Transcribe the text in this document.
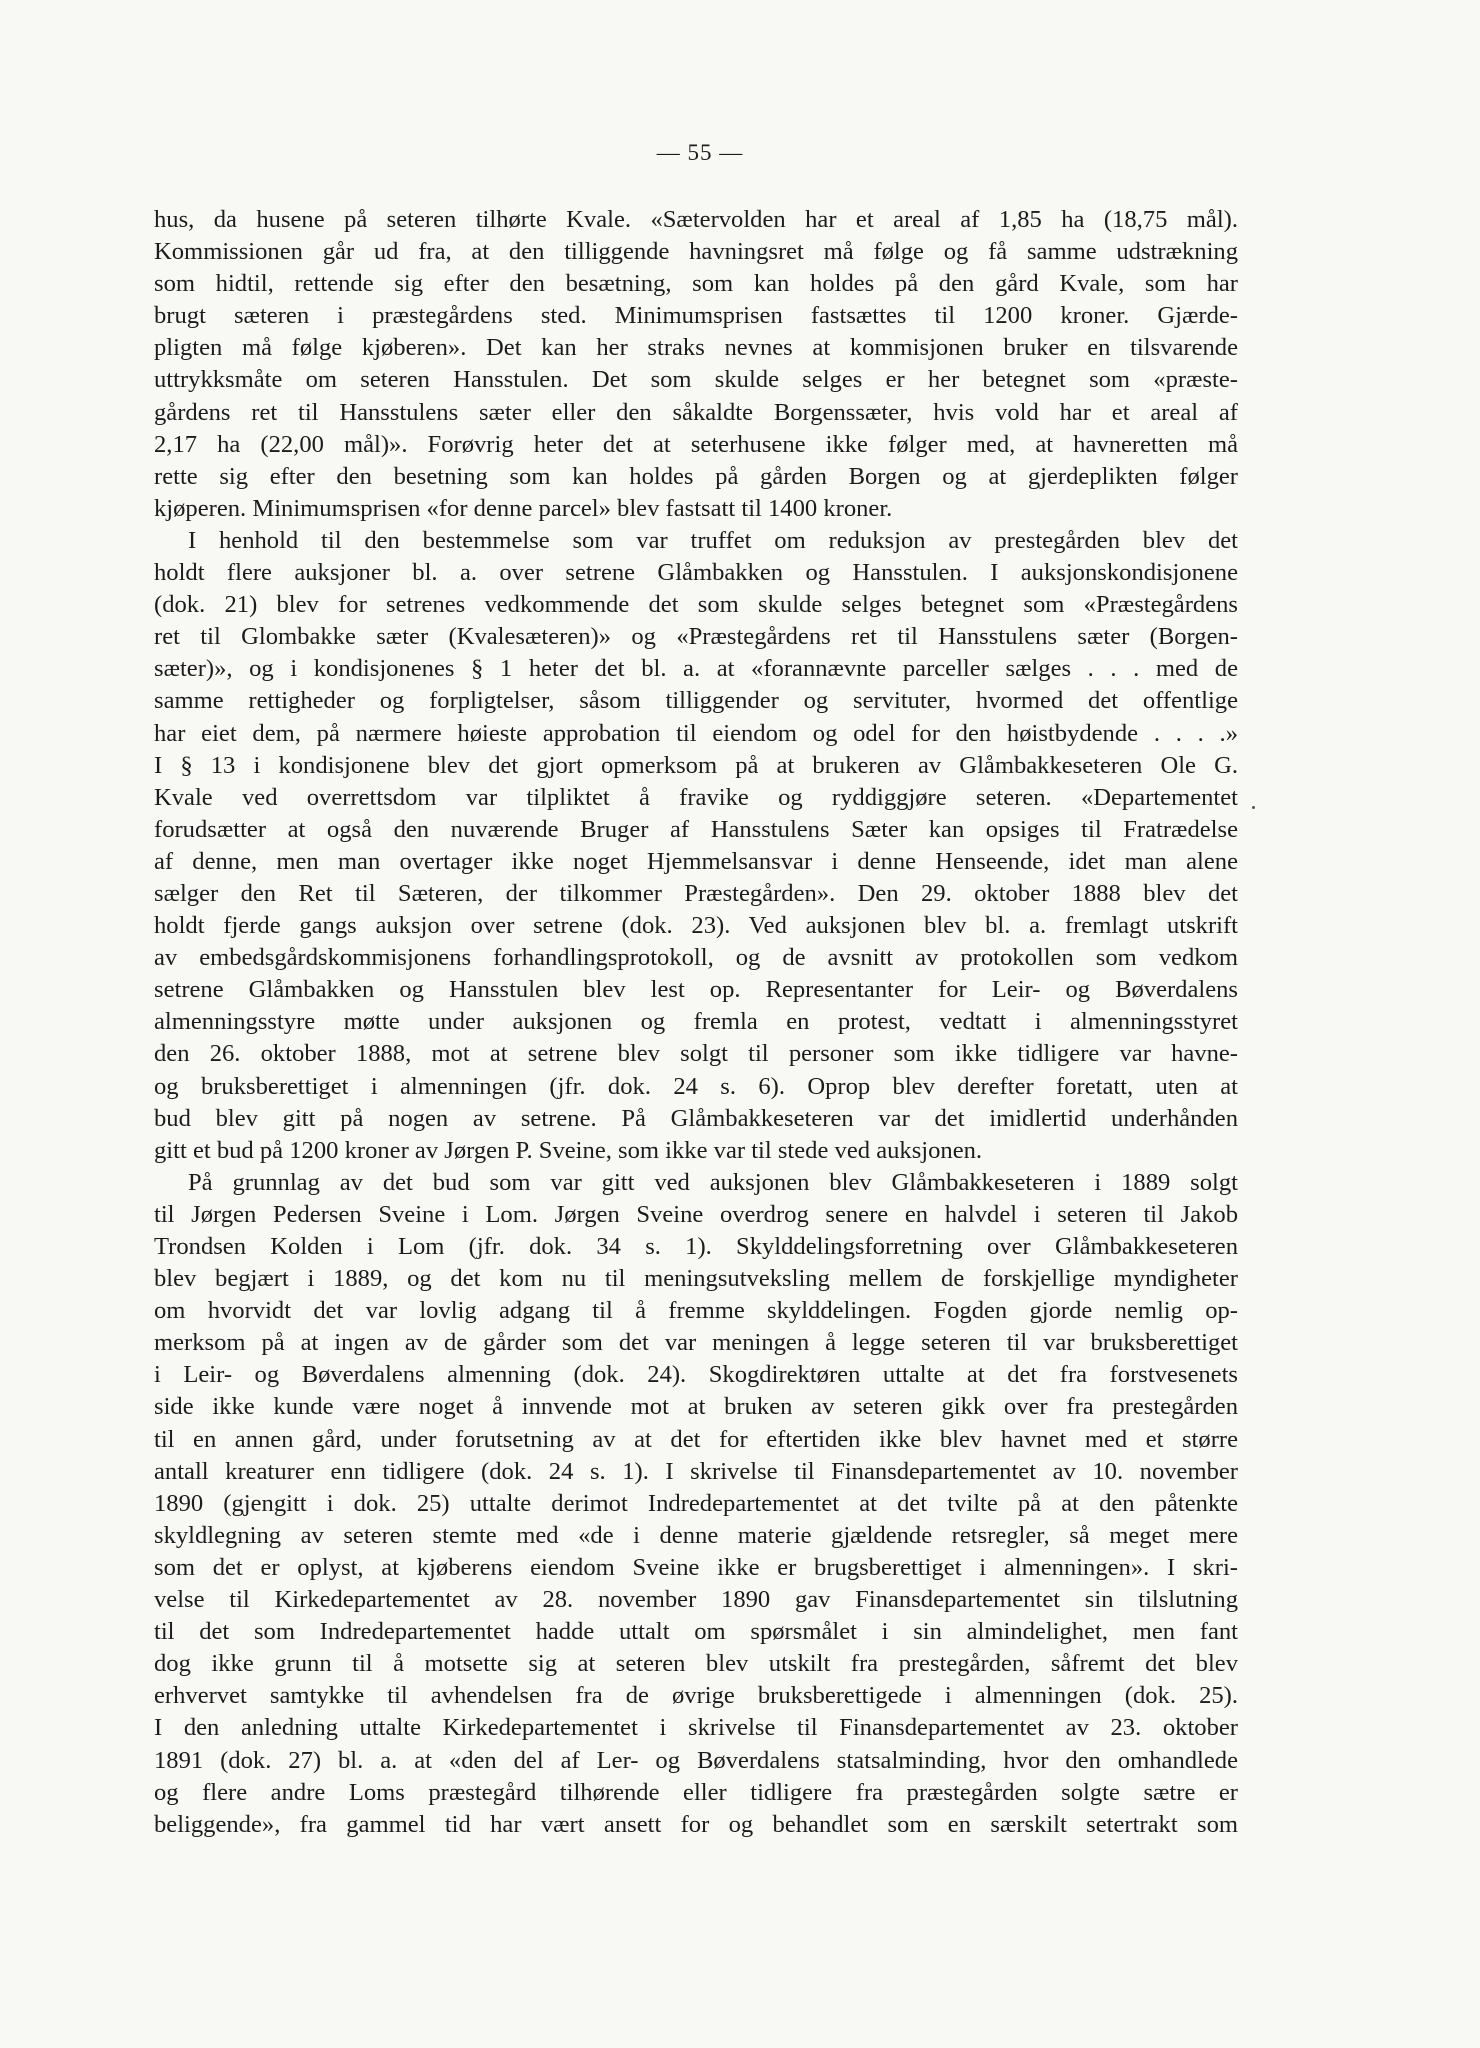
— 55 —
hus, da husene på seteren tilhørte Kvale. «Sætervolden har et areal af 1,85 ha (18,75 mål).
Kommissionen går ud fra, at den tilliggende havningsret må følge og få samme udstrækning
som hidtil, rettende sig efter den besætning, som kan holdes på den gård Kvale, som har
brugt sæteren i præstegårdens sted. Minimumsprisen fastsættes til 1200 kroner. Gjærde-
pligten må følge kjøberen». Det kan her straks nevnes at kommisjonen bruker en tilsvarende
uttrykksmåte om seteren Hansstulen. Det som skulde selges er her betegnet som «præste-
gårdens ret til Hansstulens sæter eller den såkaldte Borgenssæter, hvis vold har et areal af
2,17 ha (22,00 mål)». Forøvrig heter det at seterhusene ikke følger med, at havneretten må
rette sig efter den besetning som kan holdes på gården Borgen og at gjerdeplikten følger
kjøperen. Minimumsprisen «for denne parcel» blev fastsatt til 1400 kroner.
I henhold til den bestemmelse som var truffet om reduksjon av prestegården blev det
holdt flere auksjoner bl. a. over setrene Glåmbakken og Hansstulen. I auksjonskondisjonene
(dok. 21) blev for setrenes vedkommende det som skulde selges betegnet som «Præstegårdens
ret til Glombakke sæter (Kvalesæteren)» og «Præstegårdens ret til Hansstulens sæter (Borgen-
sæter)», og i kondisjonenes § 1 heter det bl. a. at «forannævnte parceller sælges . . . med de
samme rettigheder og forpligtelser, såsom tilliggender og servituter, hvormed det offentlige
har eiet dem, på nærmere høieste approbation til eiendom og odel for den høistbydende . . . .»
I § 13 i kondisjonene blev det gjort opmerksom på at brukeren av Glåmbakkeseteren Ole G.
Kvale ved overrettsdom var tilpliktet å fravike og ryddiggjøre seteren. «Departementet
forudsætter at også den nuværende Bruger af Hansstulens Sæter kan opsiges til Fratrædelse
af denne, men man overtager ikke noget Hjemmelsansvar i denne Henseende, idet man alene
sælger den Ret til Sæteren, der tilkommer Præstegården». Den 29. oktober 1888 blev det
holdt fjerde gangs auksjon over setrene (dok. 23). Ved auksjonen blev bl. a. fremlagt utskrift
av embedsgårdskommisjonens forhandlingsprotokoll, og de avsnitt av protokollen som vedkom
setrene Glåmbakken og Hansstulen blev lest op. Representanter for Leir- og Bøverdalens
almenningsstyre møtte under auksjonen og fremla en protest, vedtatt i almenningsstyret
den 26. oktober 1888, mot at setrene blev solgt til personer som ikke tidligere var havne-
og bruksberettiget i almenningen (jfr. dok. 24 s. 6). Oprop blev derefter foretatt, uten at
bud blev gitt på nogen av setrene. På Glåmbakkeseteren var det imidlertid underhånden
gitt et bud på 1200 kroner av Jørgen P. Sveine, som ikke var til stede ved auksjonen.
På grunnlag av det bud som var gitt ved auksjonen blev Glåmbakkeseteren i 1889 solgt
til Jørgen Pedersen Sveine i Lom. Jørgen Sveine overdrog senere en halvdel i seteren til Jakob
Trondsen Kolden i Lom (jfr. dok. 34 s. 1). Skylddelingsforretning over Glåmbakkeseteren
blev begjært i 1889, og det kom nu til meningsutveksling mellem de forskjellige myndigheter
om hvorvidt det var lovlig adgang til å fremme skylddelingen. Fogden gjorde nemlig op-
merksom på at ingen av de gårder som det var meningen å legge seteren til var bruksberettiget
i Leir- og Bøverdalens almenning (dok. 24). Skogdirektøren uttalte at det fra forstvesenets
side ikke kunde være noget å innvende mot at bruken av seteren gikk over fra prestegården
til en annen gård, under forutsetning av at det for eftertiden ikke blev havnet med et større
antall kreaturer enn tidligere (dok. 24 s. 1). I skrivelse til Finansdepartementet av 10. november
1890 (gjengitt i dok. 25) uttalte derimot Indredepartementet at det tvilte på at den påtenkte
skyldlegning av seteren stemte med «de i denne materie gjældende retsregler, så meget mere
som det er oplyst, at kjøberens eiendom Sveine ikke er brugsberettiget i almenningen». I skri-
velse til Kirkedepartementet av 28. november 1890 gav Finansdepartementet sin tilslutning
til det som Indredepartementet hadde uttalt om spørsmålet i sin almindelighet, men fant
dog ikke grunn til å motsette sig at seteren blev utskilt fra prestegården, såfremt det blev
erhvervet samtykke til avhendelsen fra de øvrige bruksberettigede i almenningen (dok. 25).
I den anledning uttalte Kirkedepartementet i skrivelse til Finansdepartementet av 23. oktober
1891 (dok. 27) bl. a. at «den del af Ler- og Bøverdalens statsalminding, hvor den omhandlede
og flere andre Loms præstegård tilhørende eller tidligere fra præstegården solgte sætre er
beliggende», fra gammel tid har vært ansett for og behandlet som en særskilt setertrakt som
